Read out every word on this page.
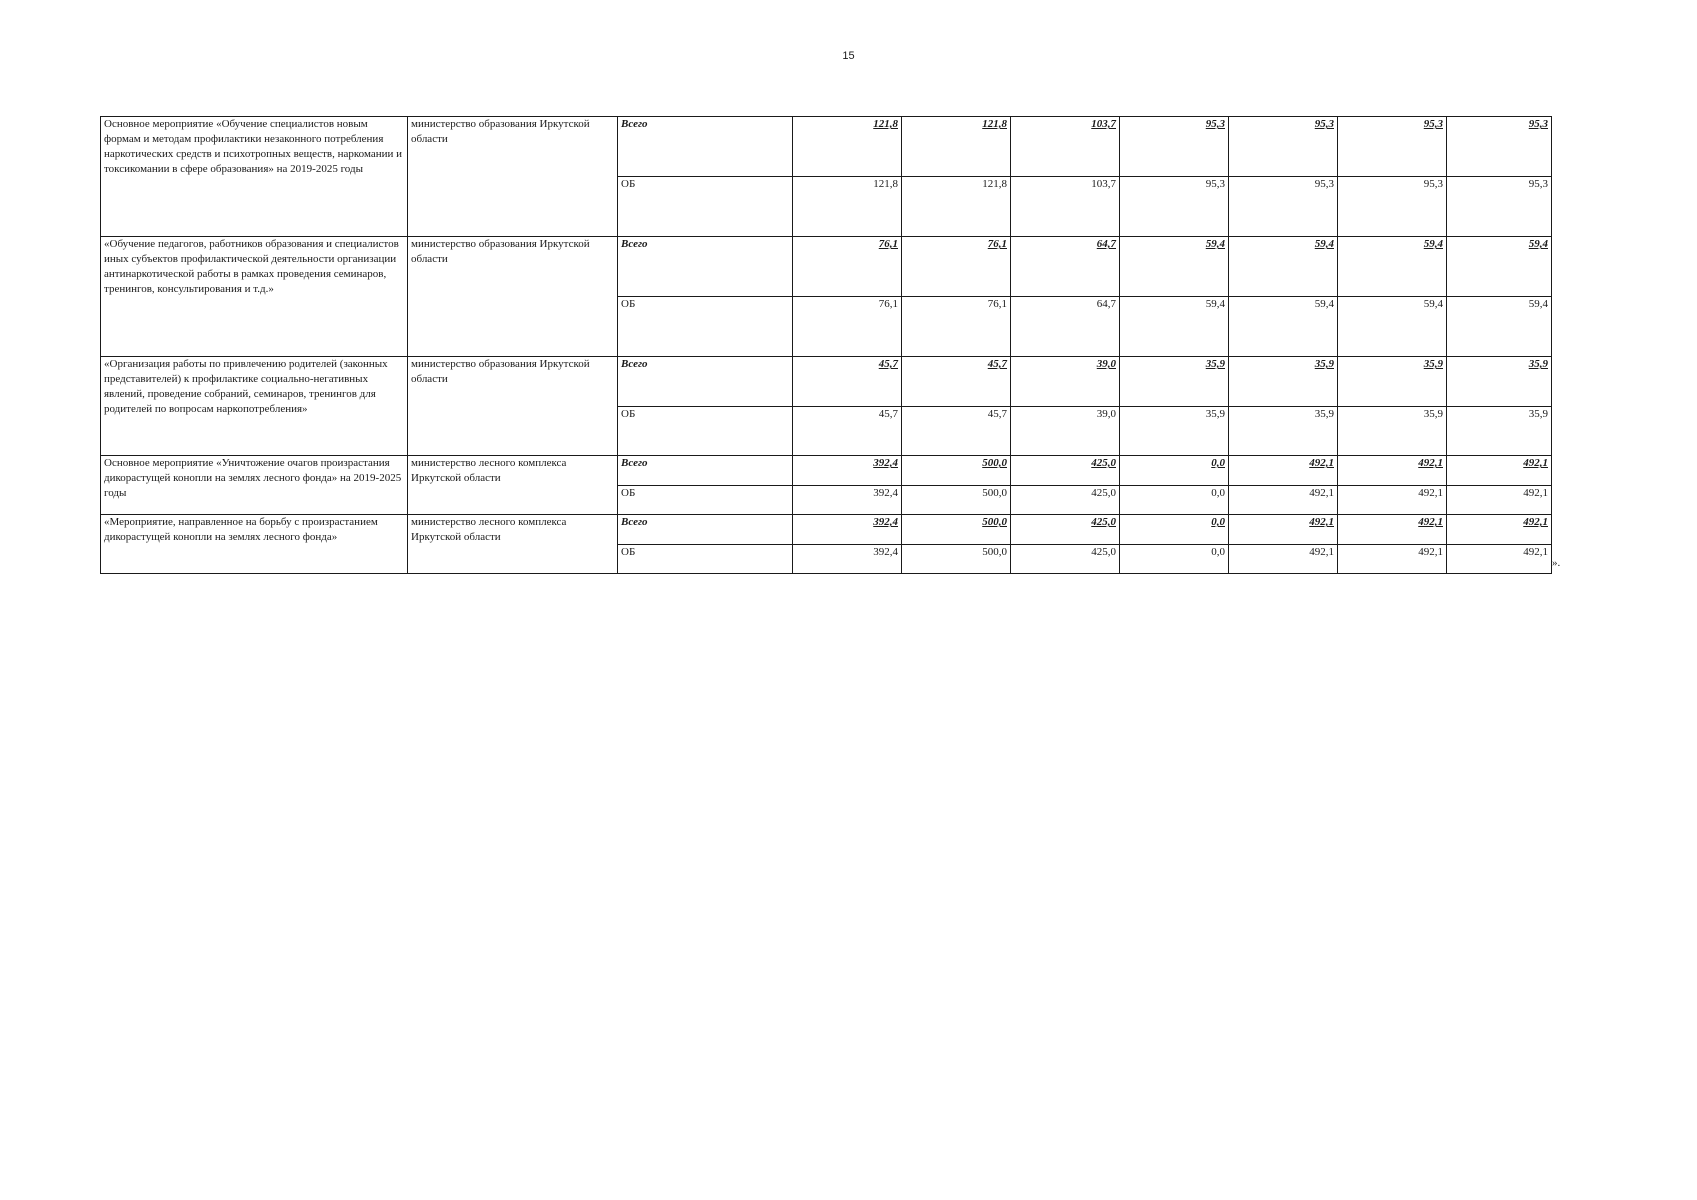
15
Основное мероприятие «Обучение специалистов новым формам и методам профилактики незаконного потребления наркотических средств и психотропных веществ, наркомании и токсикомании в сфере образования» на 2019-2025 годы	министерство образования Иркутской области	Всего	121,8	121,8	103,7	95,3	95,3	95,3	95,3
		ОБ	121,8	121,8	103,7	95,3	95,3	95,3	95,3
«Обучение педагогов, работников образования и специалистов иных субъектов профилактической деятельности организации антинаркотической работы в рамках проведения семинаров, тренингов, консультирования и т.д.»	министерство образования Иркутской области	Всего	76,1	76,1	64,7	59,4	59,4	59,4	59,4
		ОБ	76,1	76,1	64,7	59,4	59,4	59,4	59,4
«Организация работы по привлечению родителей (законных представителей) к профилактике социально-негативных явлений, проведение собраний, семинаров, тренингов для родителей по вопросам наркопотребления»	министерство образования Иркутской области	Всего	45,7	45,7	39,0	35,9	35,9	35,9	35,9
		ОБ	45,7	45,7	39,0	35,9	35,9	35,9	35,9
Основное мероприятие «Уничтожение очагов произрастания дикорастущей конопли на землях лесного фонда» на 2019-2025 годы	министерство лесного комплекса Иркутской области	Всего	392,4	500,0	425,0	0,0	492,1	492,1	492,1
		ОБ	392,4	500,0	425,0	0,0	492,1	492,1	492,1
«Мероприятие, направленное на борьбу с произрастанием дикорастущей конопли на землях лесного фонда»	министерство лесного комплекса Иркутской области	Всего	392,4	500,0	425,0	0,0	492,1	492,1	492,1
		ОБ	392,4	500,0	425,0	0,0	492,1	492,1	492,1
».
